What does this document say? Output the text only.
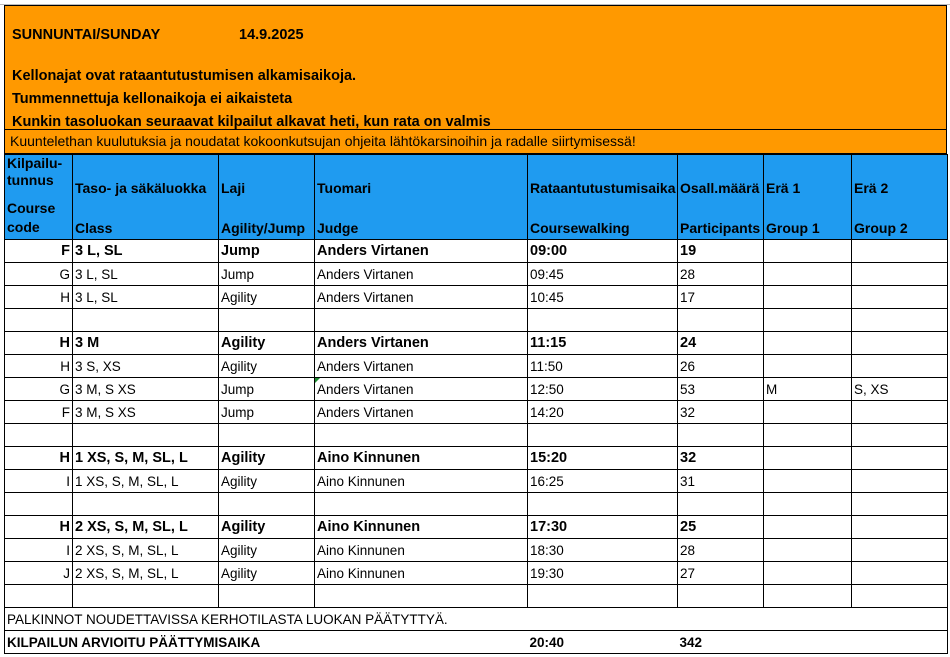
SUNNUNTAI/SUNDAY	14.9.2025
Kellonajat ovat rataantutustumisen alkamisaikoja.
Tummennettuja kellonaikoja ei aikaisteta
Kunkin tasoluokan seuraavat kilpailut alkavat heti, kun rata on valmis
Kuuntelethan kuulutuksia ja noudatat kokoonkutsujan ohjeita lähtökarsinoihin ja radalle siirtymisessä!
Kilpailu-
tunnus	Taso- ja säkäluokka	Laji	Tuomari	Rataantutustumisaika	Osall.määrä	Erä 1	Erä 2
Course code	Class	Agility/Jump	Judge	Coursewalking	Participants	Group 1	Group 2
F	3 L, SL	Jump	Anders Virtanen	09:00	19		
G	3 L, SL	Jump	Anders Virtanen	09:45	28		
H	3 L, SL	Agility	Anders Virtanen	10:45	17		

H	3 M	Agility	Anders Virtanen	11:15	24		
H	3 S, XS	Agility	Anders Virtanen	11:50	26		
G	3 M, S XS	Jump	Anders Virtanen	12:50	53	M	S, XS
F	3 M, S XS	Jump	Anders Virtanen	14:20	32		

H	1 XS, S, M, SL, L	Agility	Aino Kinnunen	15:20	32		
I	1 XS, S, M, SL, L	Agility	Aino Kinnunen	16:25	31		

H	2 XS, S, M, SL, L	Agility	Aino Kinnunen	17:30	25		
I	2 XS, S, M, SL, L	Agility	Aino Kinnunen	18:30	28		
J	2 XS, S, M, SL, L	Agility	Aino Kinnunen	19:30	27		

PALKINNOT NOUDETTAVISSA KERHOTILASTA LUOKAN PÄÄTYTTYÄ.							
KILPAILUN ARVIOITU PÄÄTTYMISAIKA				20:40	342		
